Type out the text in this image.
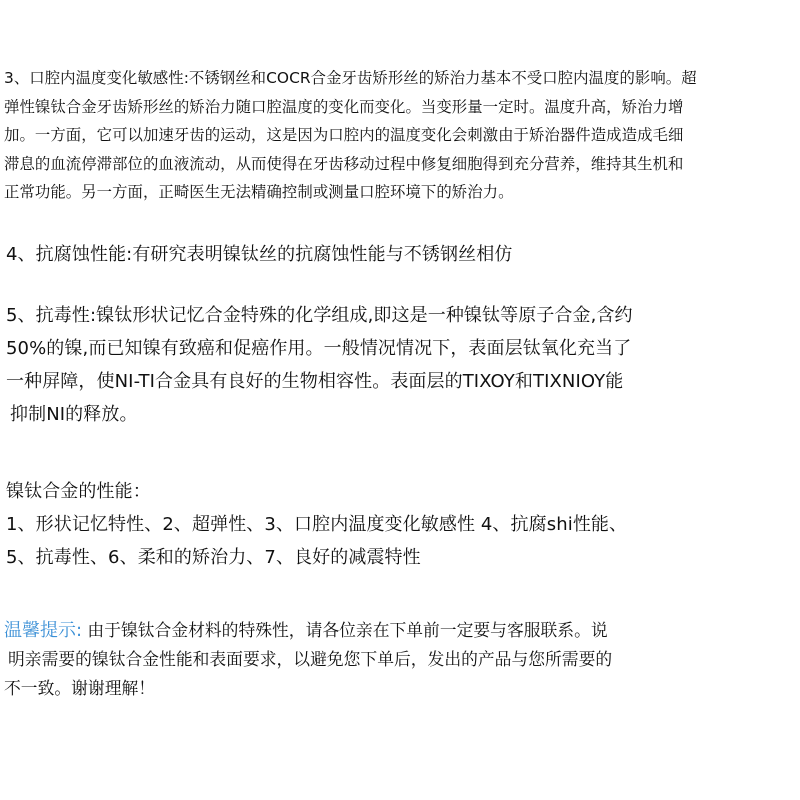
3、口腔内温度变化敏感性:不锈钢丝和COCR合金牙齿矫形丝的矫治力基本不受口腔内温度的影响。超
弹性镍钛合金牙齿矫形丝的矫治力随口腔温度的变化而变化。当变形量一定时。温度升高，矫治力增
加。一方面，它可以加速牙齿的运动，这是因为口腔内的温度变化会刺激由于矫治器件造成造成毛细
滞息的血流停滞部位的血液流动，从而使得在牙齿移动过程中修复细胞得到充分营养，维持其生机和
正常功能。另一方面，正畸医生无法精确控制或测量口腔环境下的矫治力。
4、抗腐蚀性能:有研究表明镍钛丝的抗腐蚀性能与不锈钢丝相仿
5、抗毒性:镍钛形状记忆合金特殊的化学组成,即这是一种镍钛等原子合金,含约
50%的镍,而已知镍有致癌和促癌作用。一般情况情况下，表面层钛氧化充当了
一种屏障，使NI-TI合金具有良好的生物相容性。表面层的TIXOY和TIXNIOY能
抑制NI的释放。
镍钛合金的性能：
1、形状记忆特性、2、超弹性、3、口腔内温度变化敏感性 4、抗腐shi性能、
5、抗毒性、6、柔和的矫治力、7、良好的减震特性
温馨提示: 由于镍钛合金材料的特殊性，请各位亲在下单前一定要与客服联系。说
明亲需要的镍钛合金性能和表面要求，以避免您下单后，发出的产品与您所需要的
不一致。谢谢理解！
